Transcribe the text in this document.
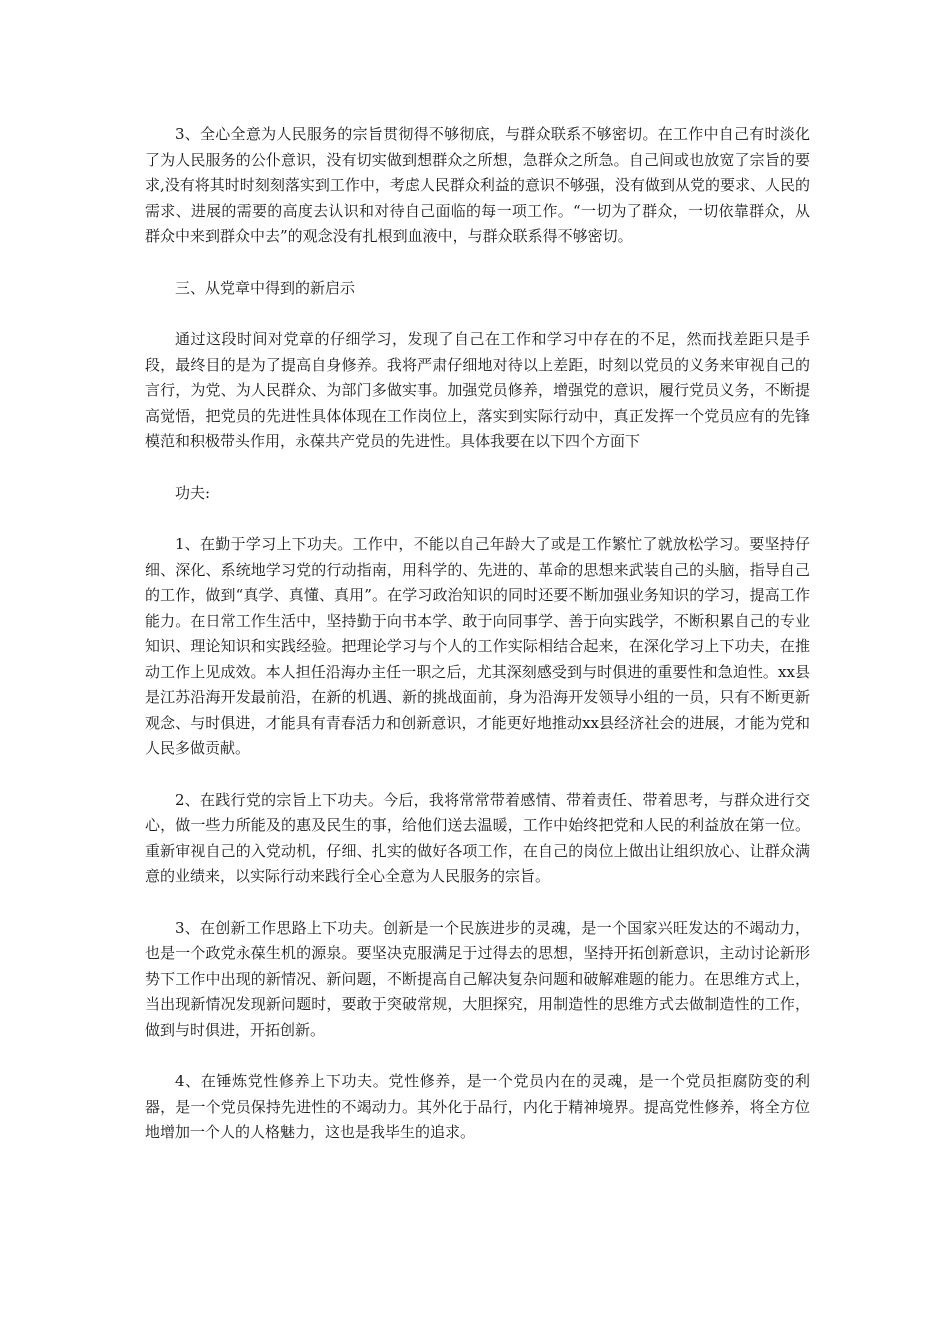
3、全心全意为人民服务的宗旨贯彻得不够彻底，与群众联系不够密切。在工作中自己有时淡化了为人民服务的公仆意识，没有切实做到想群众之所想，急群众之所急。自己间或也放宽了宗旨的要求,没有将其时时刻刻落实到工作中，考虑人民群众利益的意识不够强，没有做到从党的要求、人民的需求、进展的需要的高度去认识和对待自己面临的每一项工作。“一切为了群众，一切依靠群众，从群众中来到群众中去”的观念没有扎根到血液中，与群众联系得不够密切。

三、从党章中得到的新启示

通过这段时间对党章的仔细学习，发现了自己在工作和学习中存在的不足，然而找差距只是手段，最终目的是为了提高自身修养。我将严肃仔细地对待以上差距，时刻以党员的义务来审视自己的言行，为党、为人民群众、为部门多做实事。加强党员修养，增强党的意识，履行党员义务，不断提高觉悟，把党员的先进性具体体现在工作岗位上，落实到实际行动中，真正发挥一个党员应有的先锋模范和积极带头作用，永葆共产党员的先进性。具体我要在以下四个方面下

功夫:

1、在勤于学习上下功夫。工作中，不能以自己年龄大了或是工作繁忙了就放松学习。要坚持仔细、深化、系统地学习党的行动指南，用科学的、先进的、革命的思想来武装自己的头脑，指导自己的工作，做到“真学、真懂、真用”。在学习政治知识的同时还要不断加强业务知识的学习，提高工作能力。在日常工作生活中，坚持勤于向书本学、敢于向同事学、善于向实践学，不断积累自己的专业知识、理论知识和实践经验。把理论学习与个人的工作实际相结合起来，在深化学习上下功夫，在推动工作上见成效。本人担任沿海办主任一职之后，尤其深刻感受到与时俱进的重要性和急迫性。xx县是江苏沿海开发最前沿，在新的机遇、新的挑战面前，身为沿海开发领导小组的一员，只有不断更新观念、与时俱进，才能具有青春活力和创新意识，才能更好地推动xx县经济社会的进展，才能为党和人民多做贡献。

2、在践行党的宗旨上下功夫。今后，我将常常带着感情、带着责任、带着思考，与群众进行交心，做一些力所能及的惠及民生的事，给他们送去温暖，工作中始终把党和人民的利益放在第一位。重新审视自己的入党动机，仔细、扎实的做好各项工作，在自己的岗位上做出让组织放心、让群众满意的业绩来，以实际行动来践行全心全意为人民服务的宗旨。

3、在创新工作思路上下功夫。创新是一个民族进步的灵魂，是一个国家兴旺发达的不竭动力，也是一个政党永葆生机的源泉。要坚决克服满足于过得去的思想，坚持开拓创新意识，主动讨论新形势下工作中出现的新情况、新问题，不断提高自己解决复杂问题和破解难题的能力。在思维方式上，当出现新情况发现新问题时，要敢于突破常规，大胆探究，用制造性的思维方式去做制造性的工作，做到与时俱进，开拓创新。

4、在锤炼党性修养上下功夫。党性修养，是一个党员内在的灵魂，是一个党员拒腐防变的利器，是一个党员保持先进性的不竭动力。其外化于品行，内化于精神境界。提高党性修养，将全方位地增加一个人的人格魅力，这也是我毕生的追求。
